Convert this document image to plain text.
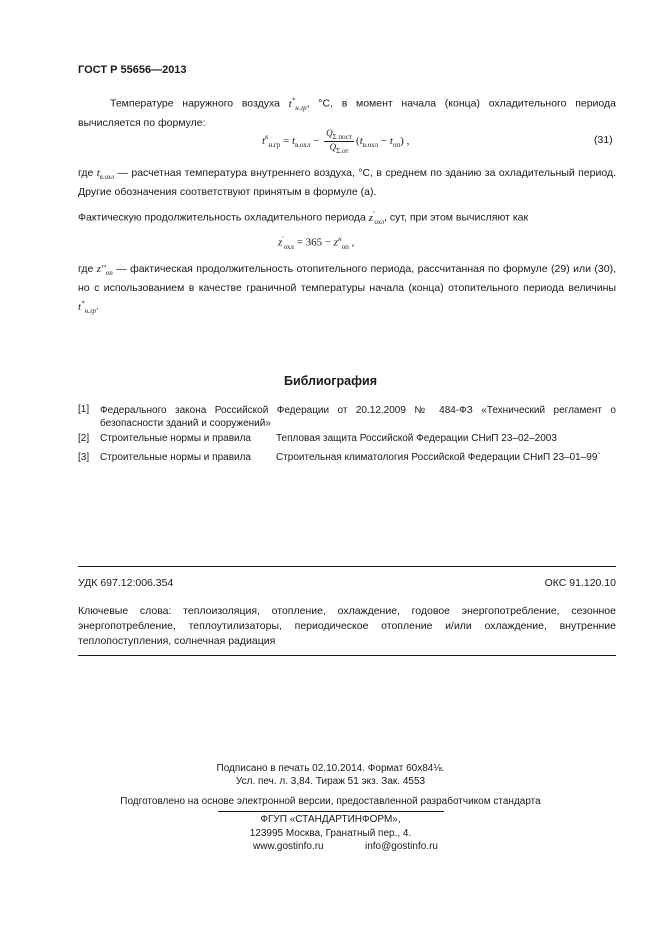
ГОСТ Р 55656—2013
Температуре наружного воздуха $t^*_{н.гр}$, °С, в момент начала (конца) охладительного периода вычисляется по формуле:
$t^к_{н.гр} = t_{в.охл} - \frac{Q_{\Sigma пост}}{Q_{\Sigma.от}} (t_{в.охл} - t_{оп})$ ,	(31)
где $t_{в.охл}$ — расчетная температура внутреннего воздуха, °С, в среднем по зданию за охладительный период. Другие обозначения соответствуют принятым в формуле (а).
Фактическую продолжительность охладительного периода $z'_{охл}$, сут, при этом вычисляют как
$z'_{охл} = 365 - z^н_{оп}$ ,
где $z''_{оп}$ — фактическая продолжительность отопительного периода, рассчитанная по формуле (29) или (30), но с использованием в качестве граничной температуры начала (конца) отопительного периода величины $t^*_{н.гр}$.
Библиография
[1] Федерального закона Российской Федерации от 20.12.2009 № 484-ФЗ «Технический регламент о безопасности зданий и сооружений»
[2] Строительные нормы и правила	Тепловая защита Российской Федерации СНиП 23–02–2003
[3] Строительные нормы и правила	Строительная климатология Российской Федерации СНиП 23–01–99`
УДК 697.12:006.354	ОКС 91.120.10
Ключевые слова: теплоизоляция, отопление, охлаждение, годовое энергопотребление, сезонное энергопотребление, теплоутилизаторы, периодическое отопление и/или охлаждение, внутренние теплопоступления, солнечная радиация
Подписано в печать 02.10.2014. Формат 60x84⅛.
Усл. печ. л. 3,84. Тираж 51 экз. Зак. 4553
Подготовлено на основе электронной версии, предоставленной разработчиком стандарта
ФГУП «СТАНДАРТИНФОРМ»,
123995 Москва, Гранатный пер., 4.
www.gostinfo.ru	info@gostinfo.ru
